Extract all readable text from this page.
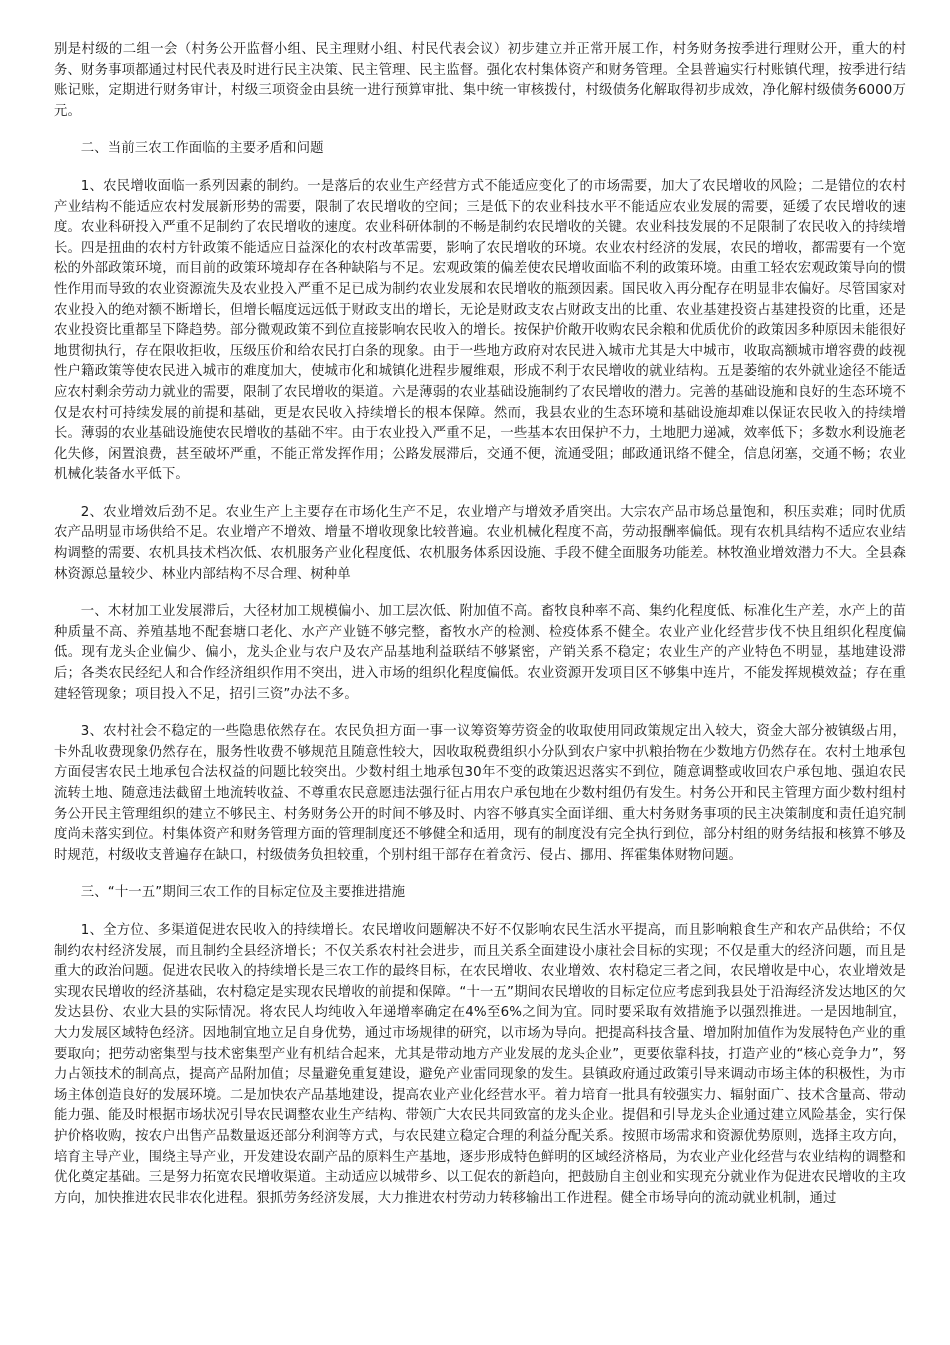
别是村级的二组一会（村务公开监督小组、民主理财小组、村民代表会议）初步建立并正常开展工作，村务财务按季进行理财公开，重大的村务、财务事项都通过村民代表及时进行民主决策、民主管理、民主监督。强化农村集体资产和财务管理。全县普遍实行村账镇代理，按季进行结账记账，定期进行财务审计，村级三项资金由县统一进行预算审批、集中统一审核拨付，村级债务化解取得初步成效，净化解村级债务6000万元。

二、当前三农工作面临的主要矛盾和问题

1、农民增收面临一系列因素的制约。一是落后的农业生产经营方式不能适应变化了的市场需要，加大了农民增收的风险；二是错位的农村产业结构不能适应农村发展新形势的需要，限制了农民增收的空间；三是低下的农业科技水平不能适应农业发展的需要，延缓了农民增收的速度。农业科研投入严重不足制约了农民增收的速度。农业科研体制的不畅是制约农民增收的关键。农业科技发展的不足限制了农民收入的持续增长。四是扭曲的农村方针政策不能适应日益深化的农村改革需要，影响了农民增收的环境。农业农村经济的发展，农民的增收，都需要有一个宽松的外部政策环境，而目前的政策环境却存在各种缺陷与不足。宏观政策的偏差使农民增收面临不利的政策环境。由重工轻农宏观政策导向的惯性作用而导致的农业资源流失及农业投入严重不足已成为制约农业发展和农民增收的瓶颈因素。国民收入再分配存在明显非农偏好。尽管国家对农业投入的绝对额不断增长，但增长幅度远远低于财政支出的增长，无论是财政支农占财政支出的比重、农业基建投资占基建投资的比重，还是农业投资比重都呈下降趋势。部分微观政策不到位直接影响农民收入的增长。按保护价敞开收购农民余粮和优质优价的政策因多种原因未能很好地贯彻执行，存在限收拒收，压级压价和给农民打白条的现象。由于一些地方政府对农民进入城市尤其是大中城市，收取高额城市增容费的歧视性户籍政策等使农民进入城市的难度加大，使城市化和城镇化进程步履维艰，形成不利于农民增收的就业结构。五是萎缩的农外就业途径不能适应农村剩余劳动力就业的需要，限制了农民增收的渠道。六是薄弱的农业基础设施制约了农民增收的潜力。完善的基础设施和良好的生态环境不仅是农村可持续发展的前提和基础，更是农民收入持续增长的根本保障。然而，我县农业的生态环境和基础设施却难以保证农民收入的持续增长。薄弱的农业基础设施使农民增收的基础不牢。由于农业投入严重不足，一些基本农田保护不力，土地肥力递减，效率低下；多数水利设施老化失修，闲置浪费，甚至破坏严重，不能正常发挥作用；公路发展滞后，交通不便，流通受阻；邮政通讯络不健全，信息闭塞，交通不畅；农业机械化装备水平低下。

2、农业增效后劲不足。农业生产上主要存在市场化生产不足，农业增产与增效矛盾突出。大宗农产品市场总量饱和，积压卖难；同时优质农产品明显市场供给不足。农业增产不增效、增量不增收现象比较普遍。农业机械化程度不高，劳动报酬率偏低。现有农机具结构不适应农业结构调整的需要、农机具技术档次低、农机服务产业化程度低、农机服务体系因设施、手段不健全面服务功能差。林牧渔业增效潜力不大。全县森林资源总量较少、林业内部结构不尽合理、树种单

一、木材加工业发展滞后，大径材加工规模偏小、加工层次低、附加值不高。畜牧良种率不高、集约化程度低、标准化生产差，水产上的苗种质量不高、养殖基地不配套塘口老化、水产产业链不够完整，畜牧水产的检测、检疫体系不健全。农业产业化经营步伐不快且组织化程度偏低。现有龙头企业偏少、偏小，龙头企业与农户及农产品基地利益联结不够紧密，产销关系不稳定；农业生产的产业特色不明显，基地建设滞后；各类农民经纪人和合作经济组织作用不突出，进入市场的组织化程度偏低。农业资源开发项目区不够集中连片，不能发挥规模效益；存在重建轻管现象；项目投入不足，招引三资”办法不多。

3、农村社会不稳定的一些隐患依然存在。农民负担方面一事一议筹资筹劳资金的收取使用同政策规定出入较大，资金大部分被镇级占用，卡外乱收费现象仍然存在，服务性收费不够规范且随意性较大，因收取税费组织小分队到农户家中扒粮抬物在少数地方仍然存在。农村土地承包方面侵害农民土地承包合法权益的问题比较突出。少数村组土地承包30年不变的政策迟迟落实不到位，随意调整或收回农户承包地、强迫农民流转土地、随意违法截留土地流转收益、不尊重农民意愿违法强行征占用农户承包地在少数村组仍有发生。村务公开和民主管理方面少数村组村务公开民主管理组织的建立不够民主、村务财务公开的时间不够及时、内容不够真实全面详细、重大村务财务事项的民主决策制度和责任追究制度尚未落实到位。村集体资产和财务管理方面的管理制度还不够健全和适用，现有的制度没有完全执行到位，部分村组的财务结报和核算不够及时规范，村级收支普遍存在缺口，村级债务负担较重，个别村组干部存在着贪污、侵占、挪用、挥霍集体财物问题。

三、“十一五”期间三农工作的目标定位及主要推进措施

1、全方位、多渠道促进农民收入的持续增长。农民增收问题解决不好不仅影响农民生活水平提高，而且影响粮食生产和农产品供给；不仅制约农村经济发展，而且制约全县经济增长；不仅关系农村社会进步，而且关系全面建设小康社会目标的实现；不仅是重大的经济问题，而且是重大的政治问题。促进农民收入的持续增长是三农工作的最终目标，在农民增收、农业增效、农村稳定三者之间，农民增收是中心，农业增效是实现农民增收的经济基础，农村稳定是实现农民增收的前提和保障。“十一五”期间农民增收的目标定位应考虑到我县处于沿海经济发达地区的欠发达县份、农业大县的实际情况。将农民人均纯收入年递增率确定在4%至6%之间为宜。同时要采取有效措施予以强烈推进。一是因地制宜，大力发展区域特色经济。因地制宜地立足自身优势，通过市场规律的研究，以市场为导向。把提高科技含量、增加附加值作为发展特色产业的重要取向；把劳动密集型与技术密集型产业有机结合起来，尤其是带动地方产业发展的龙头企业”，更要依靠科技，打造产业的“核心竞争力”，努力占领技术的制高点，提高产品附加值；尽量避免重复建设，避免产业雷同现象的发生。县镇政府通过政策引导来调动市场主体的积极性，为市场主体创造良好的发展环境。二是加快农产品基地建设，提高农业产业化经营水平。着力培育一批具有较强实力、辐射面广、技术含量高、带动能力强、能及时根据市场状况引导农民调整农业生产结构、带领广大农民共同致富的龙头企业。提倡和引导龙头企业通过建立风险基金，实行保护价格收购，按农户出售产品数量返还部分利润等方式，与农民建立稳定合理的利益分配关系。按照市场需求和资源优势原则，选择主攻方向，培育主导产业，围绕主导产业，开发建设农副产品的原料生产基地，逐步形成特色鲜明的区域经济格局，为农业产业化经营与农业结构的调整和优化奠定基础。三是努力拓宽农民增收渠道。主动适应以城带乡、以工促农的新趋向，把鼓励自主创业和实现充分就业作为促进农民增收的主攻方向，加快推进农民非农化进程。狠抓劳务经济发展，大力推进农村劳动力转移输出工作进程。健全市场导向的流动就业机制，通过
